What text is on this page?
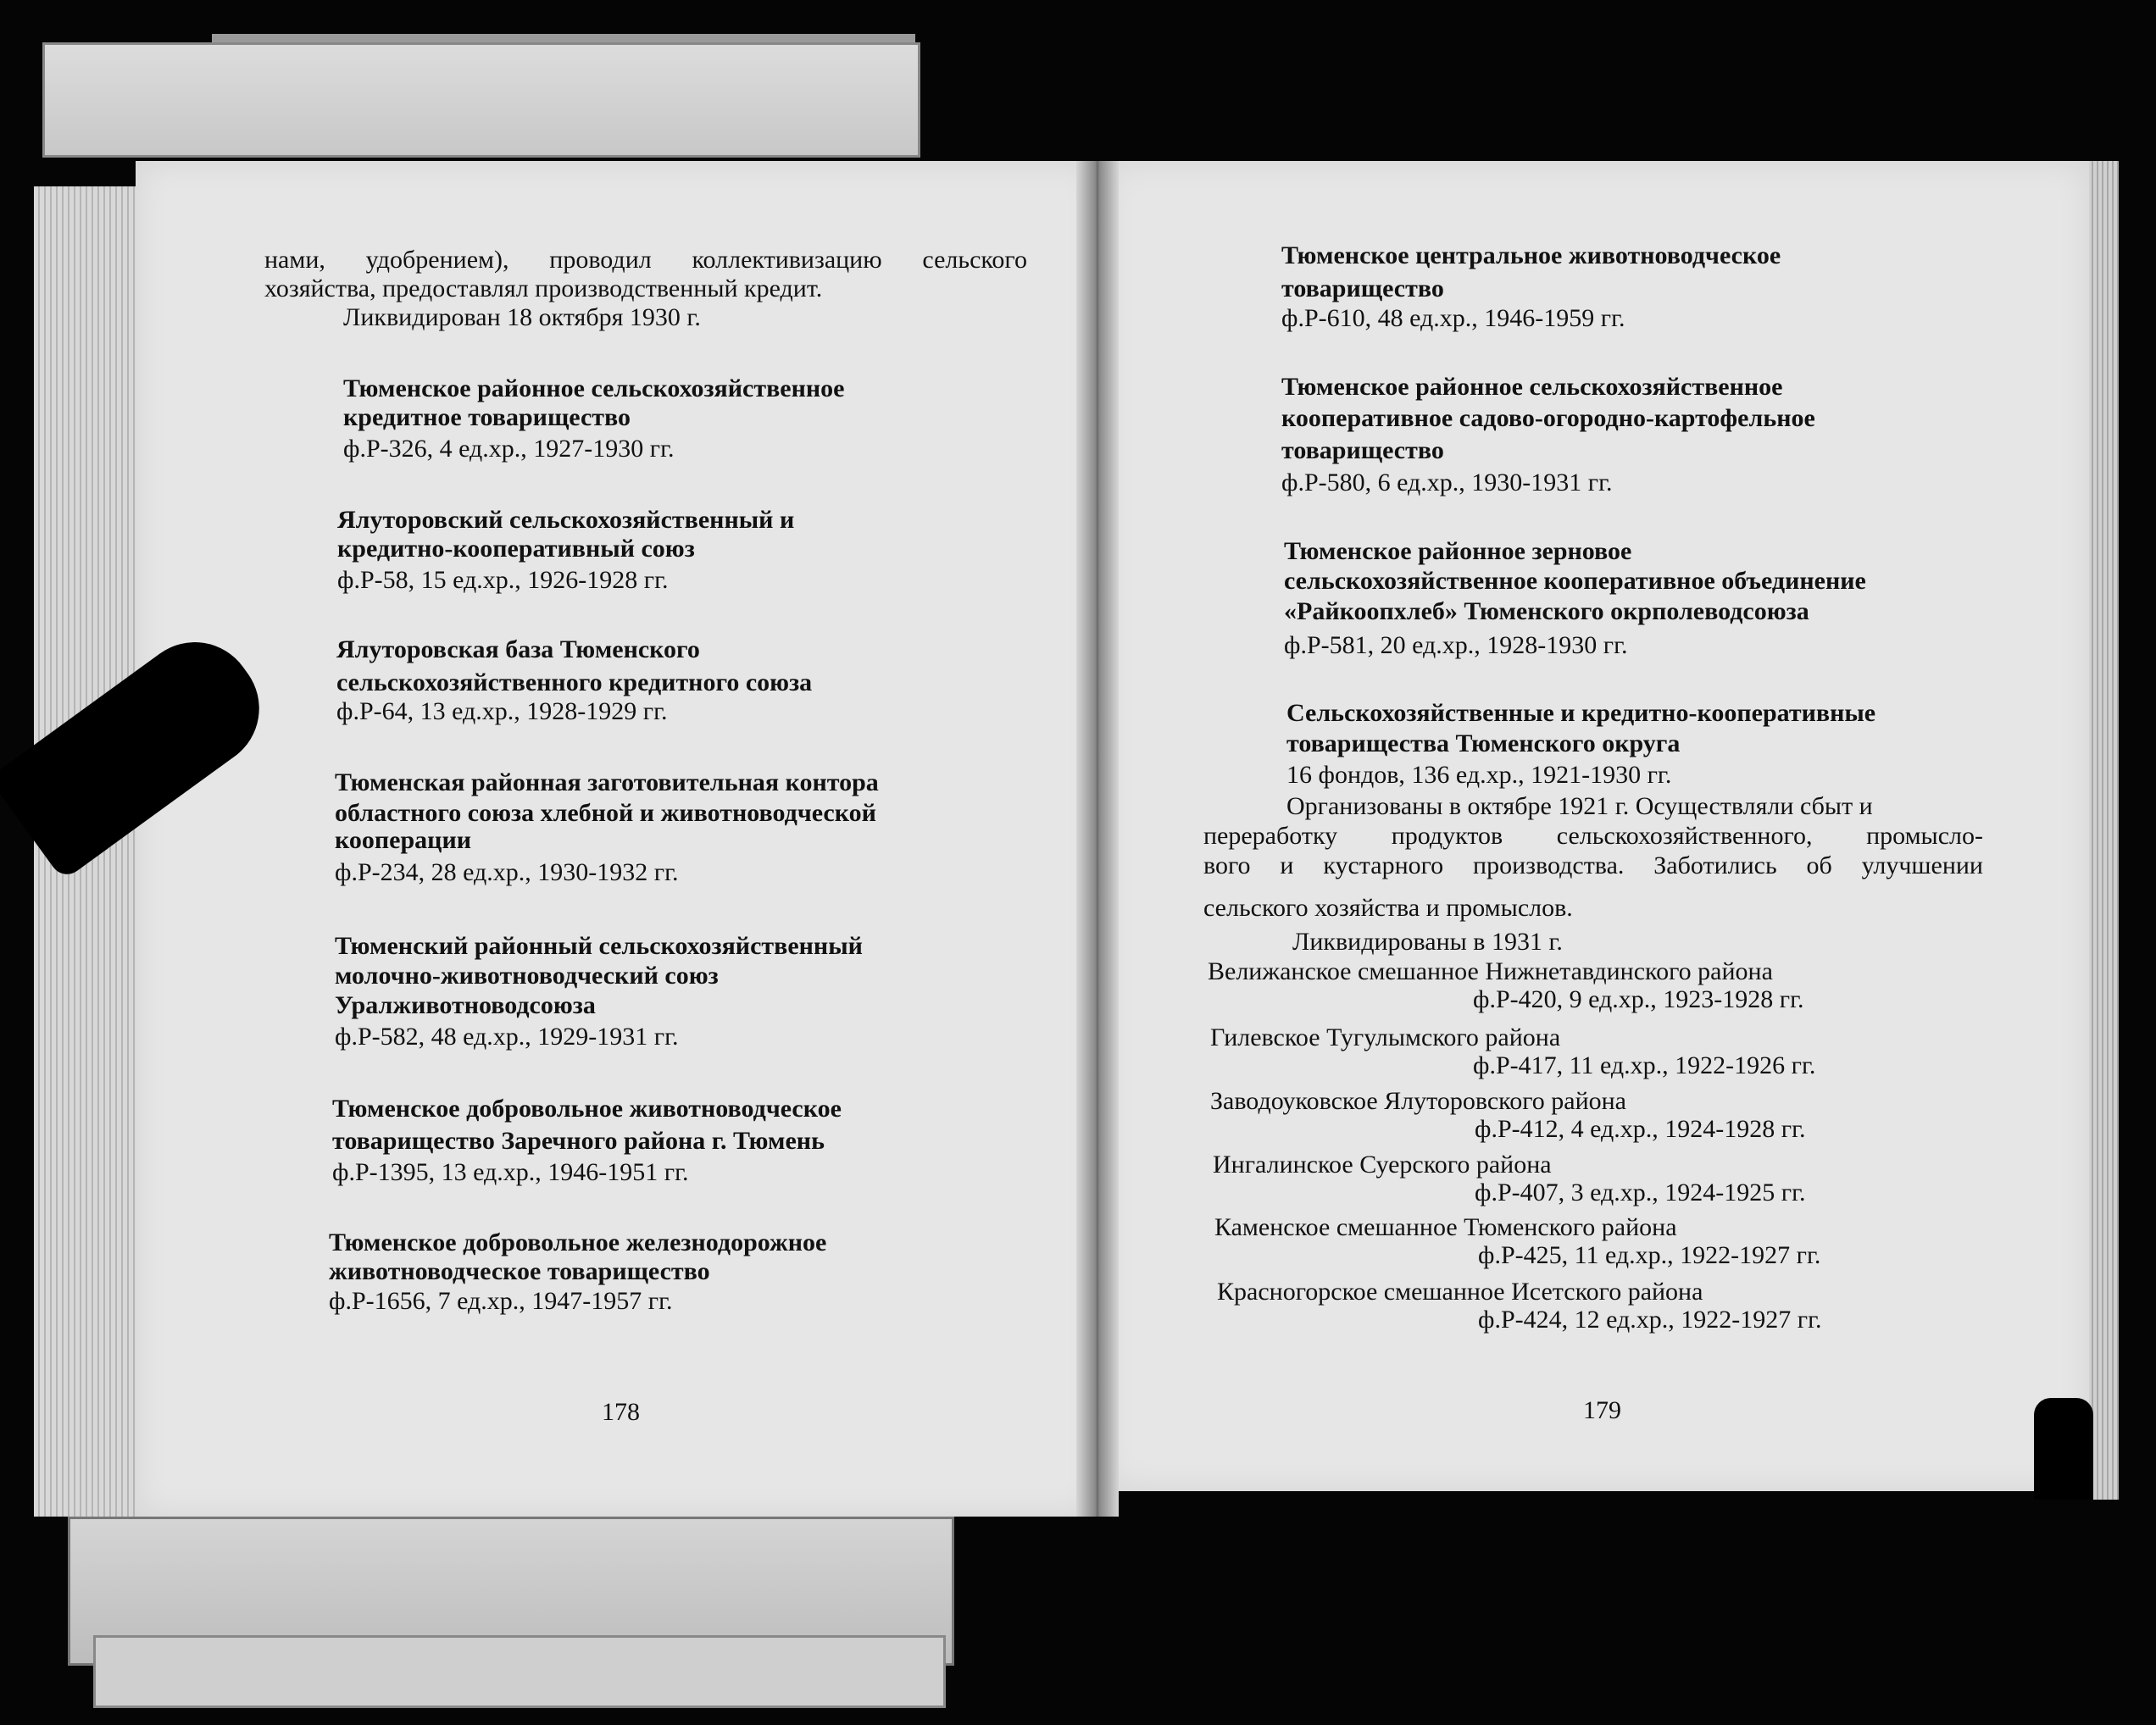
нами, удобрением), проводил коллективизацию сельского
хозяйства, предоставлял производственный кредит.
Ликвидирован 18 октября 1930 г.
Тюменское районное сельскохозяйственное
кредитное товарищество
ф.Р-326, 4 ед.хр., 1927-1930 гг.
Ялуторовский сельскохозяйственный и
кредитно-кооперативный союз
ф.Р-58, 15 ед.хр., 1926-1928 гг.
Ялуторовская база Тюменского
сельскохозяйственного кредитного союза
ф.Р-64, 13 ед.хр., 1928-1929 гг.
Тюменская районная заготовительная контора
областного союза хлебной и животноводческой
кооперации
ф.Р-234, 28 ед.хр., 1930-1932 гг.
Тюменский районный сельскохозяйственный
молочно-животноводческий союз
Уралживотноводсоюза
ф.Р-582, 48 ед.хр., 1929-1931 гг.
Тюменское добровольное животноводческое
товарищество Заречного района г. Тюмень
ф.Р-1395, 13 ед.хр., 1946-1951 гг.
Тюменское добровольное железнодорожное
животноводческое товарищество
ф.Р-1656, 7 ед.хр., 1947-1957 гг.
178
Тюменское центральное животноводческое
товарищество
ф.Р-610, 48 ед.хр., 1946-1959 гг.
Тюменское районное сельскохозяйственное
кооперативное садово-огородно-картофельное
товарищество
ф.Р-580, 6 ед.хр., 1930-1931 гг.
Тюменское районное зерновое
сельскохозяйственное кооперативное объединение
«Райкоопхлеб» Тюменского окрполеводсоюза
ф.Р-581, 20 ед.хр., 1928-1930 гг.
Сельскохозяйственные и кредитно-кооперативные
товарищества Тюменского округа
16 фондов, 136 ед.хр., 1921-1930 гг.
Организованы в октябре 1921 г. Осуществляли сбыт и
переработку продуктов сельскохозяйственного, промысло-
вого и кустарного производства. Заботились об улучшении
сельского хозяйства и промыслов.
Ликвидированы в 1931 г.
Велижанское смешанное Нижнетавдинского района
ф.Р-420, 9 ед.хр., 1923-1928 гг.
Гилевское Тугулымского района
ф.Р-417, 11 ед.хр., 1922-1926 гг.
Заводоуковское Ялуторовского района
ф.Р-412, 4 ед.хр., 1924-1928 гг.
Ингалинское Суерского района
ф.Р-407, 3 ед.хр., 1924-1925 гг.
Каменское смешанное Тюменского района
ф.Р-425, 11 ед.хр., 1922-1927 гг.
Красногорское смешанное Исетского района
ф.Р-424, 12 ед.хр., 1922-1927 гг.
179
